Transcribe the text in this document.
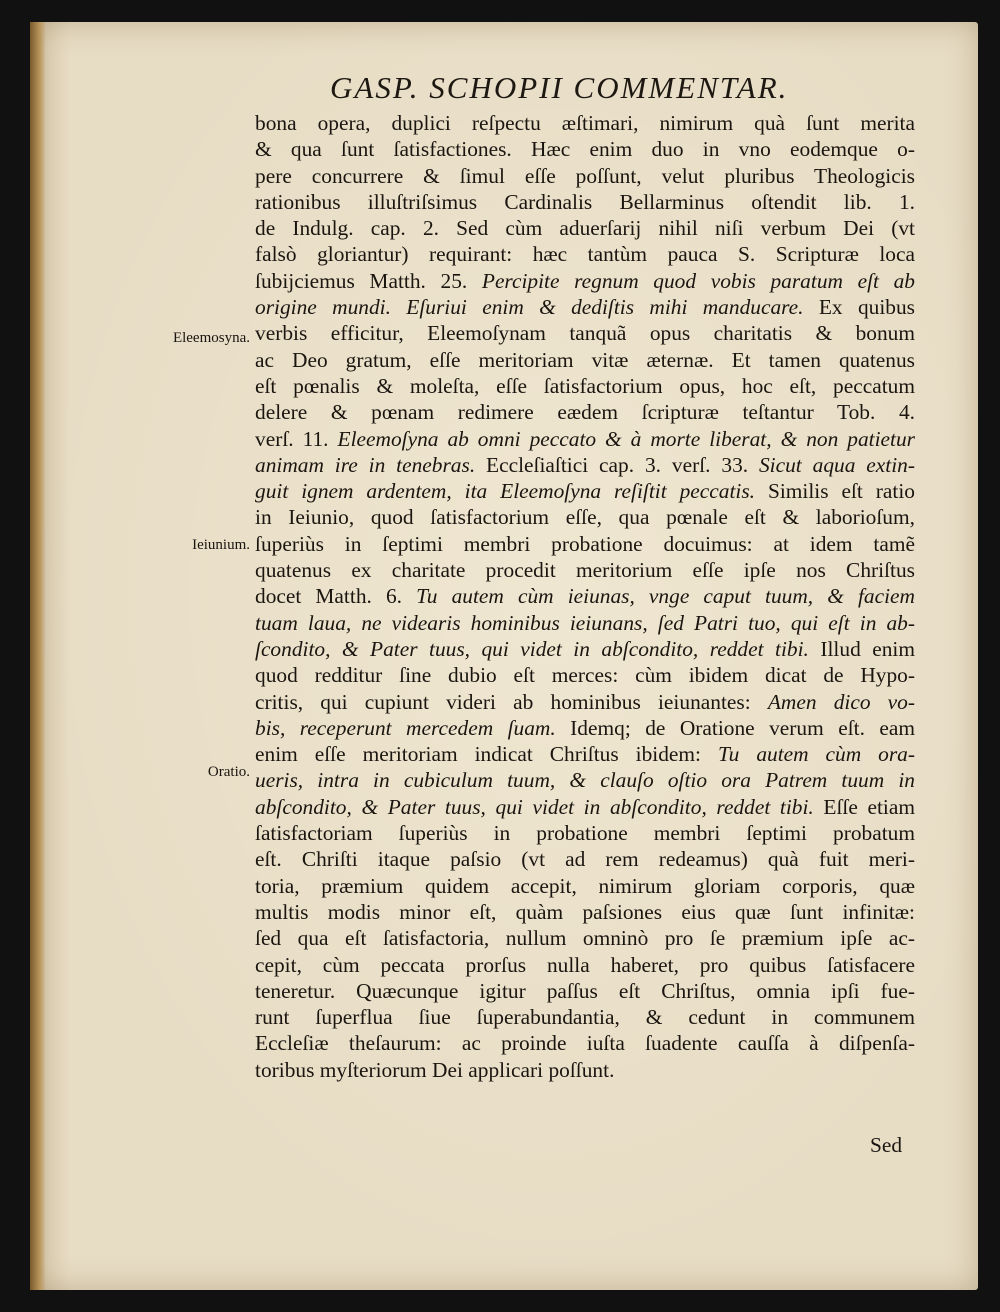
GASP. SCHOPII COMMENTAR.
Eleemosyna.
Ieiunium.
Oratio.
bona opera, duplici reſpectu æſtimari, nimirum quà ſunt merita
& qua ſunt ſatisfactiones. Hæc enim duo in vno eodemque o-
pere concurrere & ſimul eſſe poſſunt, velut pluribus Theologicis
rationibus illuſtriſsimus Cardinalis Bellarminus oſtendit lib. 1.
de Indulg. cap. 2. Sed cùm aduerſarij nihil niſi verbum Dei (vt
falsò gloriantur) requirant: hæc tantùm pauca S. Scripturæ loca
ſubijciemus Matth. 25. Percipite regnum quod vobis paratum eſt ab
origine mundi. Eſuriui enim & dediſtis mihi manducare. Ex quibus
verbis efficitur, Eleemoſynam tanquã opus charitatis & bonum
ac Deo gratum, eſſe meritoriam vitæ æternæ. Et tamen quatenus
eſt pœnalis & moleſta, eſſe ſatisfactorium opus, hoc eſt, peccatum
delere & pœnam redimere eædem ſcripturæ teſtantur Tob. 4.
verſ. 11. Eleemoſyna ab omni peccato & à morte liberat, & non patietur
animam ire in tenebras. Eccleſiaſtici cap. 3. verſ. 33. Sicut aqua extin-
guit ignem ardentem, ita Eleemoſyna reſiſtit peccatis. Similis eſt ratio
in Ieiunio, quod ſatisfactorium eſſe, qua pœnale eſt & laborioſum,
ſuperiùs in ſeptimi membri probatione docuimus: at idem tamẽ
quatenus ex charitate procedit meritorium eſſe ipſe nos Chriſtus
docet Matth. 6. Tu autem cùm ieiunas, vnge caput tuum, & faciem
tuam laua, ne videaris hominibus ieiunans, ſed Patri tuo, qui eſt in ab-
ſcondito, & Pater tuus, qui videt in abſcondito, reddet tibi. Illud enim
quod redditur ſine dubio eſt merces: cùm ibidem dicat de Hypo-
critis, qui cupiunt videri ab hominibus ieiunantes: Amen dico vo-
bis, receperunt mercedem ſuam. Idemq; de Oratione verum eſt. eam
enim eſſe meritoriam indicat Chriſtus ibidem: Tu autem cùm ora-
ueris, intra in cubiculum tuum, & clauſo oſtio ora Patrem tuum in
abſcondito, & Pater tuus, qui videt in abſcondito, reddet tibi. Eſſe etiam
ſatisfactoriam ſuperiùs in probatione membri ſeptimi probatum
eſt. Chriſti itaque paſsio (vt ad rem redeamus) quà fuit meri-
toria, præmium quidem accepit, nimirum gloriam corporis, quæ
multis modis minor eſt, quàm paſsiones eius quæ ſunt infinitæ:
ſed qua eſt ſatisfactoria, nullum omninò pro ſe præmium ipſe ac-
cepit, cùm peccata prorſus nulla haberet, pro quibus ſatisfacere
teneretur. Quæcunque igitur paſſus eſt Chriſtus, omnia ipſi fue-
runt ſuperflua ſiue ſuperabundantia, & cedunt in communem
Eccleſiæ theſaurum: ac proinde iuſta ſuadente cauſſa à diſpenſa-
toribus myſteriorum Dei applicari poſſunt.
Sed
